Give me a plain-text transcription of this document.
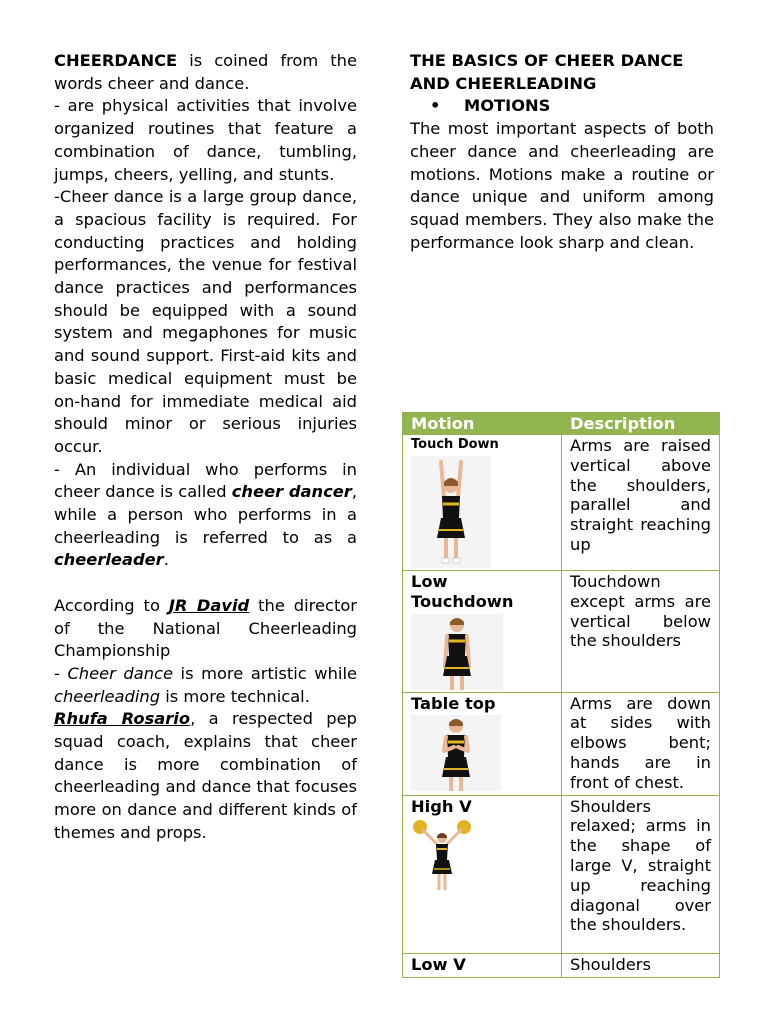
CHEERDANCE is coined from the words cheer and dance.

- are physical activities that involve organized routines that feature a combination of dance, tumbling, jumps, cheers, yelling, and stunts.

-Cheer dance is a large group dance, a spacious facility is required. For conducting practices and holding performances, the venue for festival dance practices and performances should be equipped with a sound system and megaphones for music and sound support. First-aid kits and basic medical equipment must be on-hand for immediate medical aid should minor or serious injuries occur.

- An individual who performs in cheer dance is called cheer dancer, while a person who performs in a cheerleading is referred to as a cheerleader.

According to JR David the director of the National Cheerleading Championship

- Cheer dance is more artistic while cheerleading is more technical.

Rhufa Rosario, a respected pep squad coach, explains that cheer dance is more combination of cheerleading and dance that focuses more on dance and different kinds of themes and props.

THE BASICS OF CHEER DANCE AND CHEERLEADING

• MOTIONS

The most important aspects of both cheer dance and cheerleading are motions. Motions make a routine or dance unique and uniform among squad members. They also make the performance look sharp and clean.

Motion	Description

Touch Down	Arms are raised vertical above the shoulders, parallel and straight reaching up

Low Touchdown	Touchdown except arms are vertical below the shoulders

Table top	Arms are down at sides with elbows bent; hands are in front of chest.

High V	Shoulders relaxed; arms in the shape of large V, straight up reaching diagonal over the shoulders.

Low V	Shoulders
